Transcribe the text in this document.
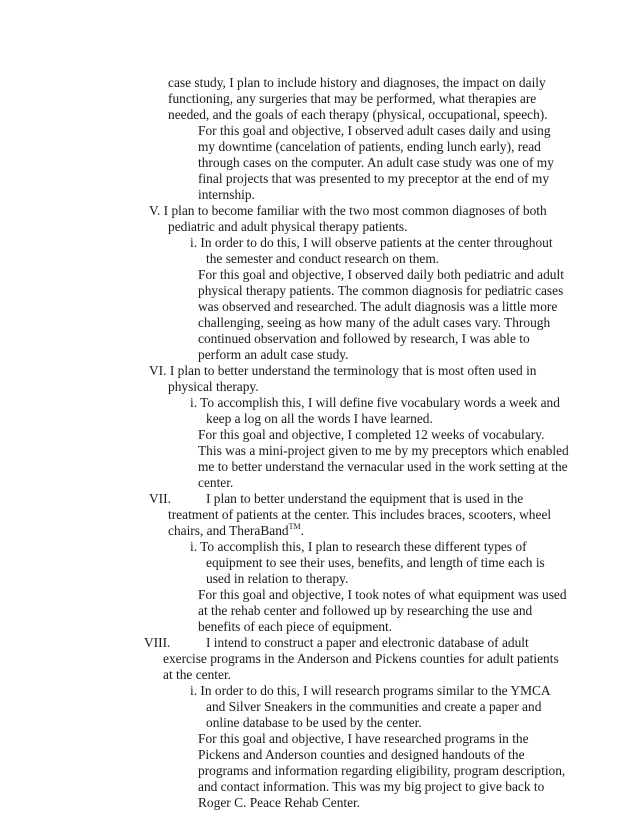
case study, I plan to include history and diagnoses, the impact on daily
functioning, any surgeries that may be performed, what therapies are
needed, and the goals of each therapy (physical, occupational, speech).
For this goal and objective, I observed adult cases daily and using
my downtime (cancelation of patients, ending lunch early), read
through cases on the computer. An adult case study was one of my
final projects that was presented to my preceptor at the end of my
internship.
V. I plan to become familiar with the two most common diagnoses of both
pediatric and adult physical therapy patients.
i. In order to do this, I will observe patients at the center throughout
the semester and conduct research on them.
For this goal and objective, I observed daily both pediatric and adult
physical therapy patients. The common diagnosis for pediatric cases
was observed and researched. The adult diagnosis was a little more
challenging, seeing as how many of the adult cases vary. Through
continued observation and followed by research, I was able to
perform an adult case study.
VI. I plan to better understand the terminology that is most often used in
physical therapy.
i. To accomplish this, I will define five vocabulary words a week and
keep a log on all the words I have learned.
For this goal and objective, I completed 12 weeks of vocabulary.
This was a mini-project given to me by my preceptors which enabled
me to better understand the vernacular used in the work setting at the
center.
VII.	I plan to better understand the equipment that is used in the
treatment of patients at the center. This includes braces, scooters, wheel
chairs, and TheraBand™.
i. To accomplish this, I plan to research these different types of
equipment to see their uses, benefits, and length of time each is
used in relation to therapy.
For this goal and objective, I took notes of what equipment was used
at the rehab center and followed up by researching the use and
benefits of each piece of equipment.
VIII.	I intend to construct a paper and electronic database of adult
exercise programs in the Anderson and Pickens counties for adult patients
at the center.
i. In order to do this, I will research programs similar to the YMCA
and Silver Sneakers in the communities and create a paper and
online database to be used by the center.
For this goal and objective, I have researched programs in the
Pickens and Anderson counties and designed handouts of the
programs and information regarding eligibility, program description,
and contact information. This was my big project to give back to
Roger C. Peace Rehab Center.
